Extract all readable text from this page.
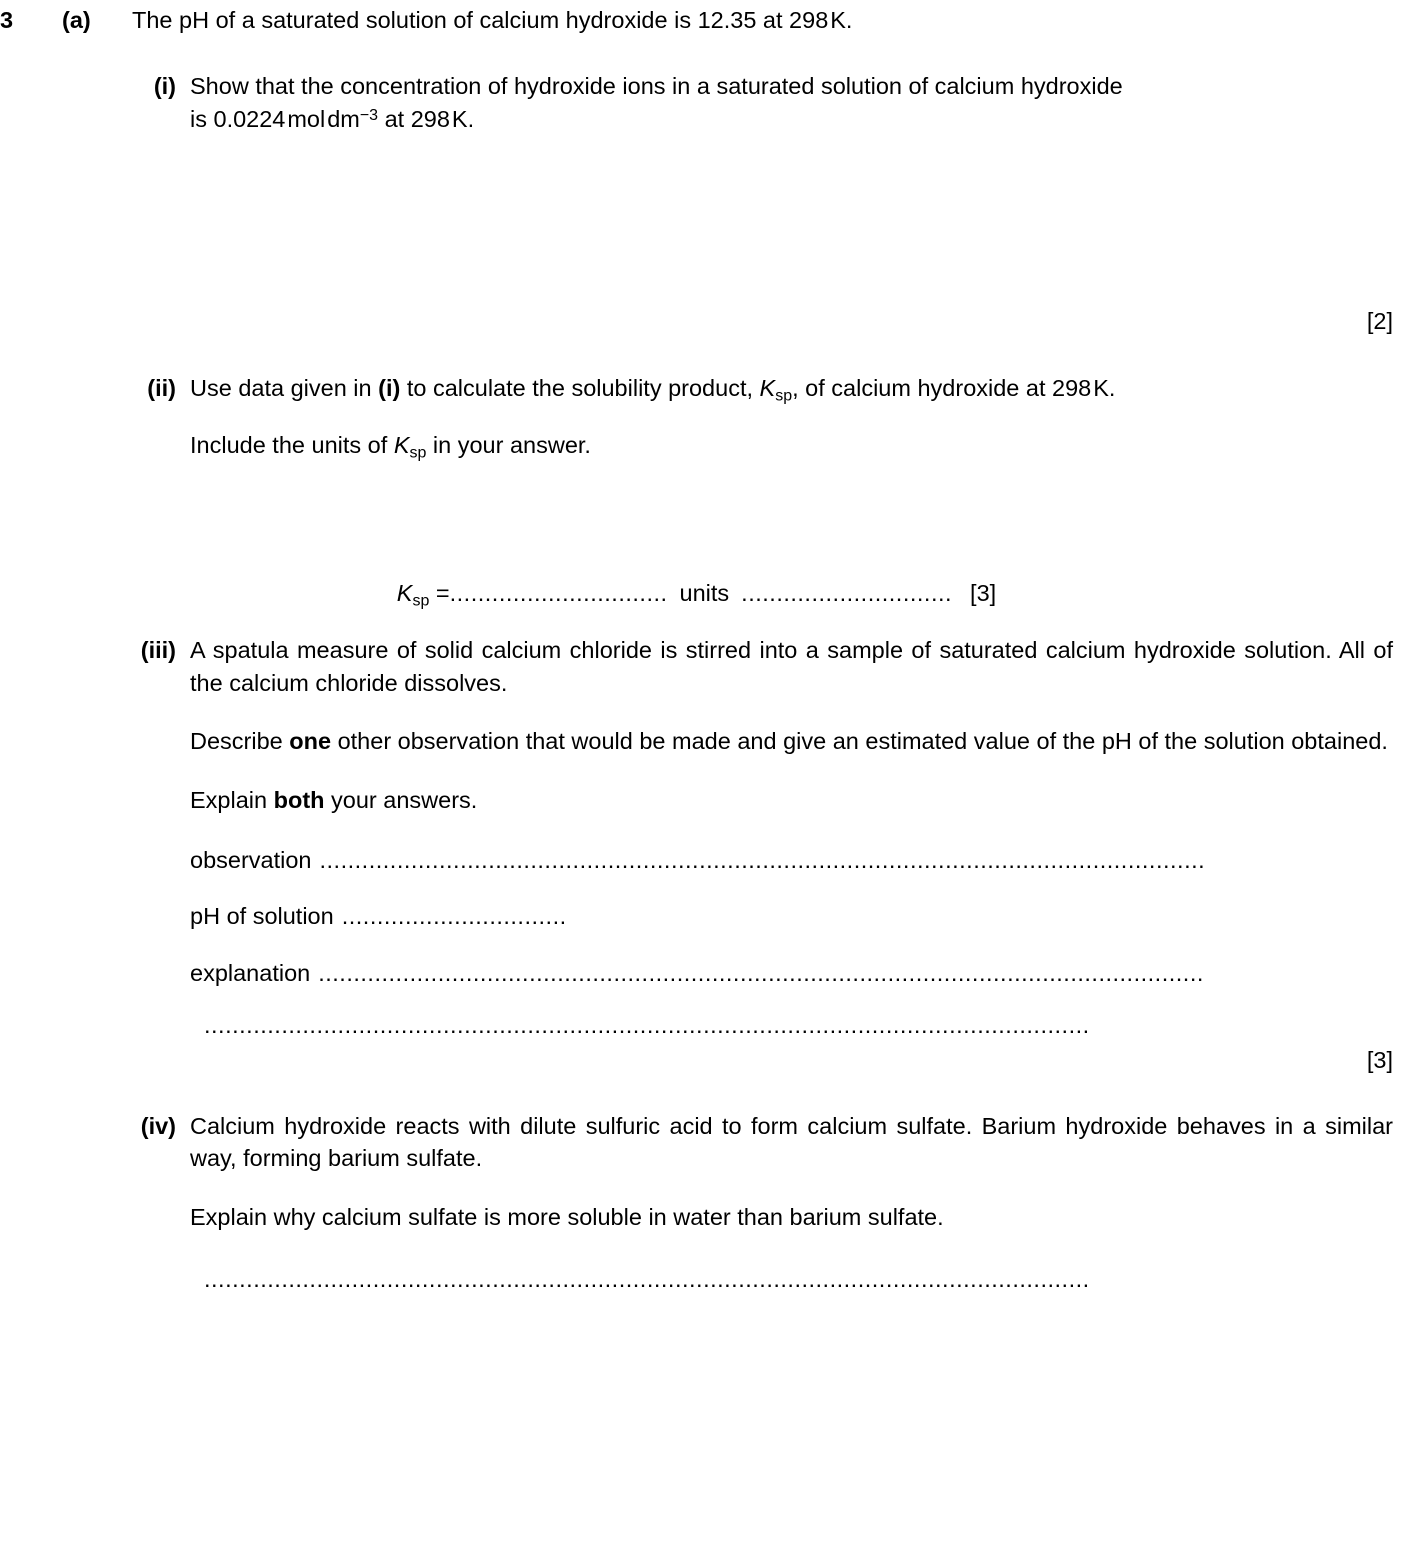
3	(a)	The pH of a saturated solution of calcium hydroxide is 12.35 at 298 K.
(i) Show that the concentration of hydroxide ions in a saturated solution of calcium hydroxide
is 0.0224 mol $dm^{-3}$ at 298 K.
[2]
(ii) Use data given in (i) to calculate the solubility product, $K_{sp}$, of calcium hydroxide at 298 K.
Include the units of $K_{sp}$ in your answer.
$K_{sp}$ = ............................... units .............................. [3]
(iii) A spatula measure of solid calcium chloride is stirred into a sample of saturated calcium hydroxide solution. All of the calcium chloride dissolves.
Describe one other observation that would be made and give an estimated value of the pH of the solution obtained.
Explain both your answers.
observation ..............................................................................................................................
pH of solution ................................
explanation ..............................................................................................................................
..............................................................................................................................
[3]
(iv) Calcium hydroxide reacts with dilute sulfuric acid to form calcium sulfate. Barium hydroxide behaves in a similar way, forming barium sulfate.
Explain why calcium sulfate is more soluble in water than barium sulfate.
..............................................................................................................................
